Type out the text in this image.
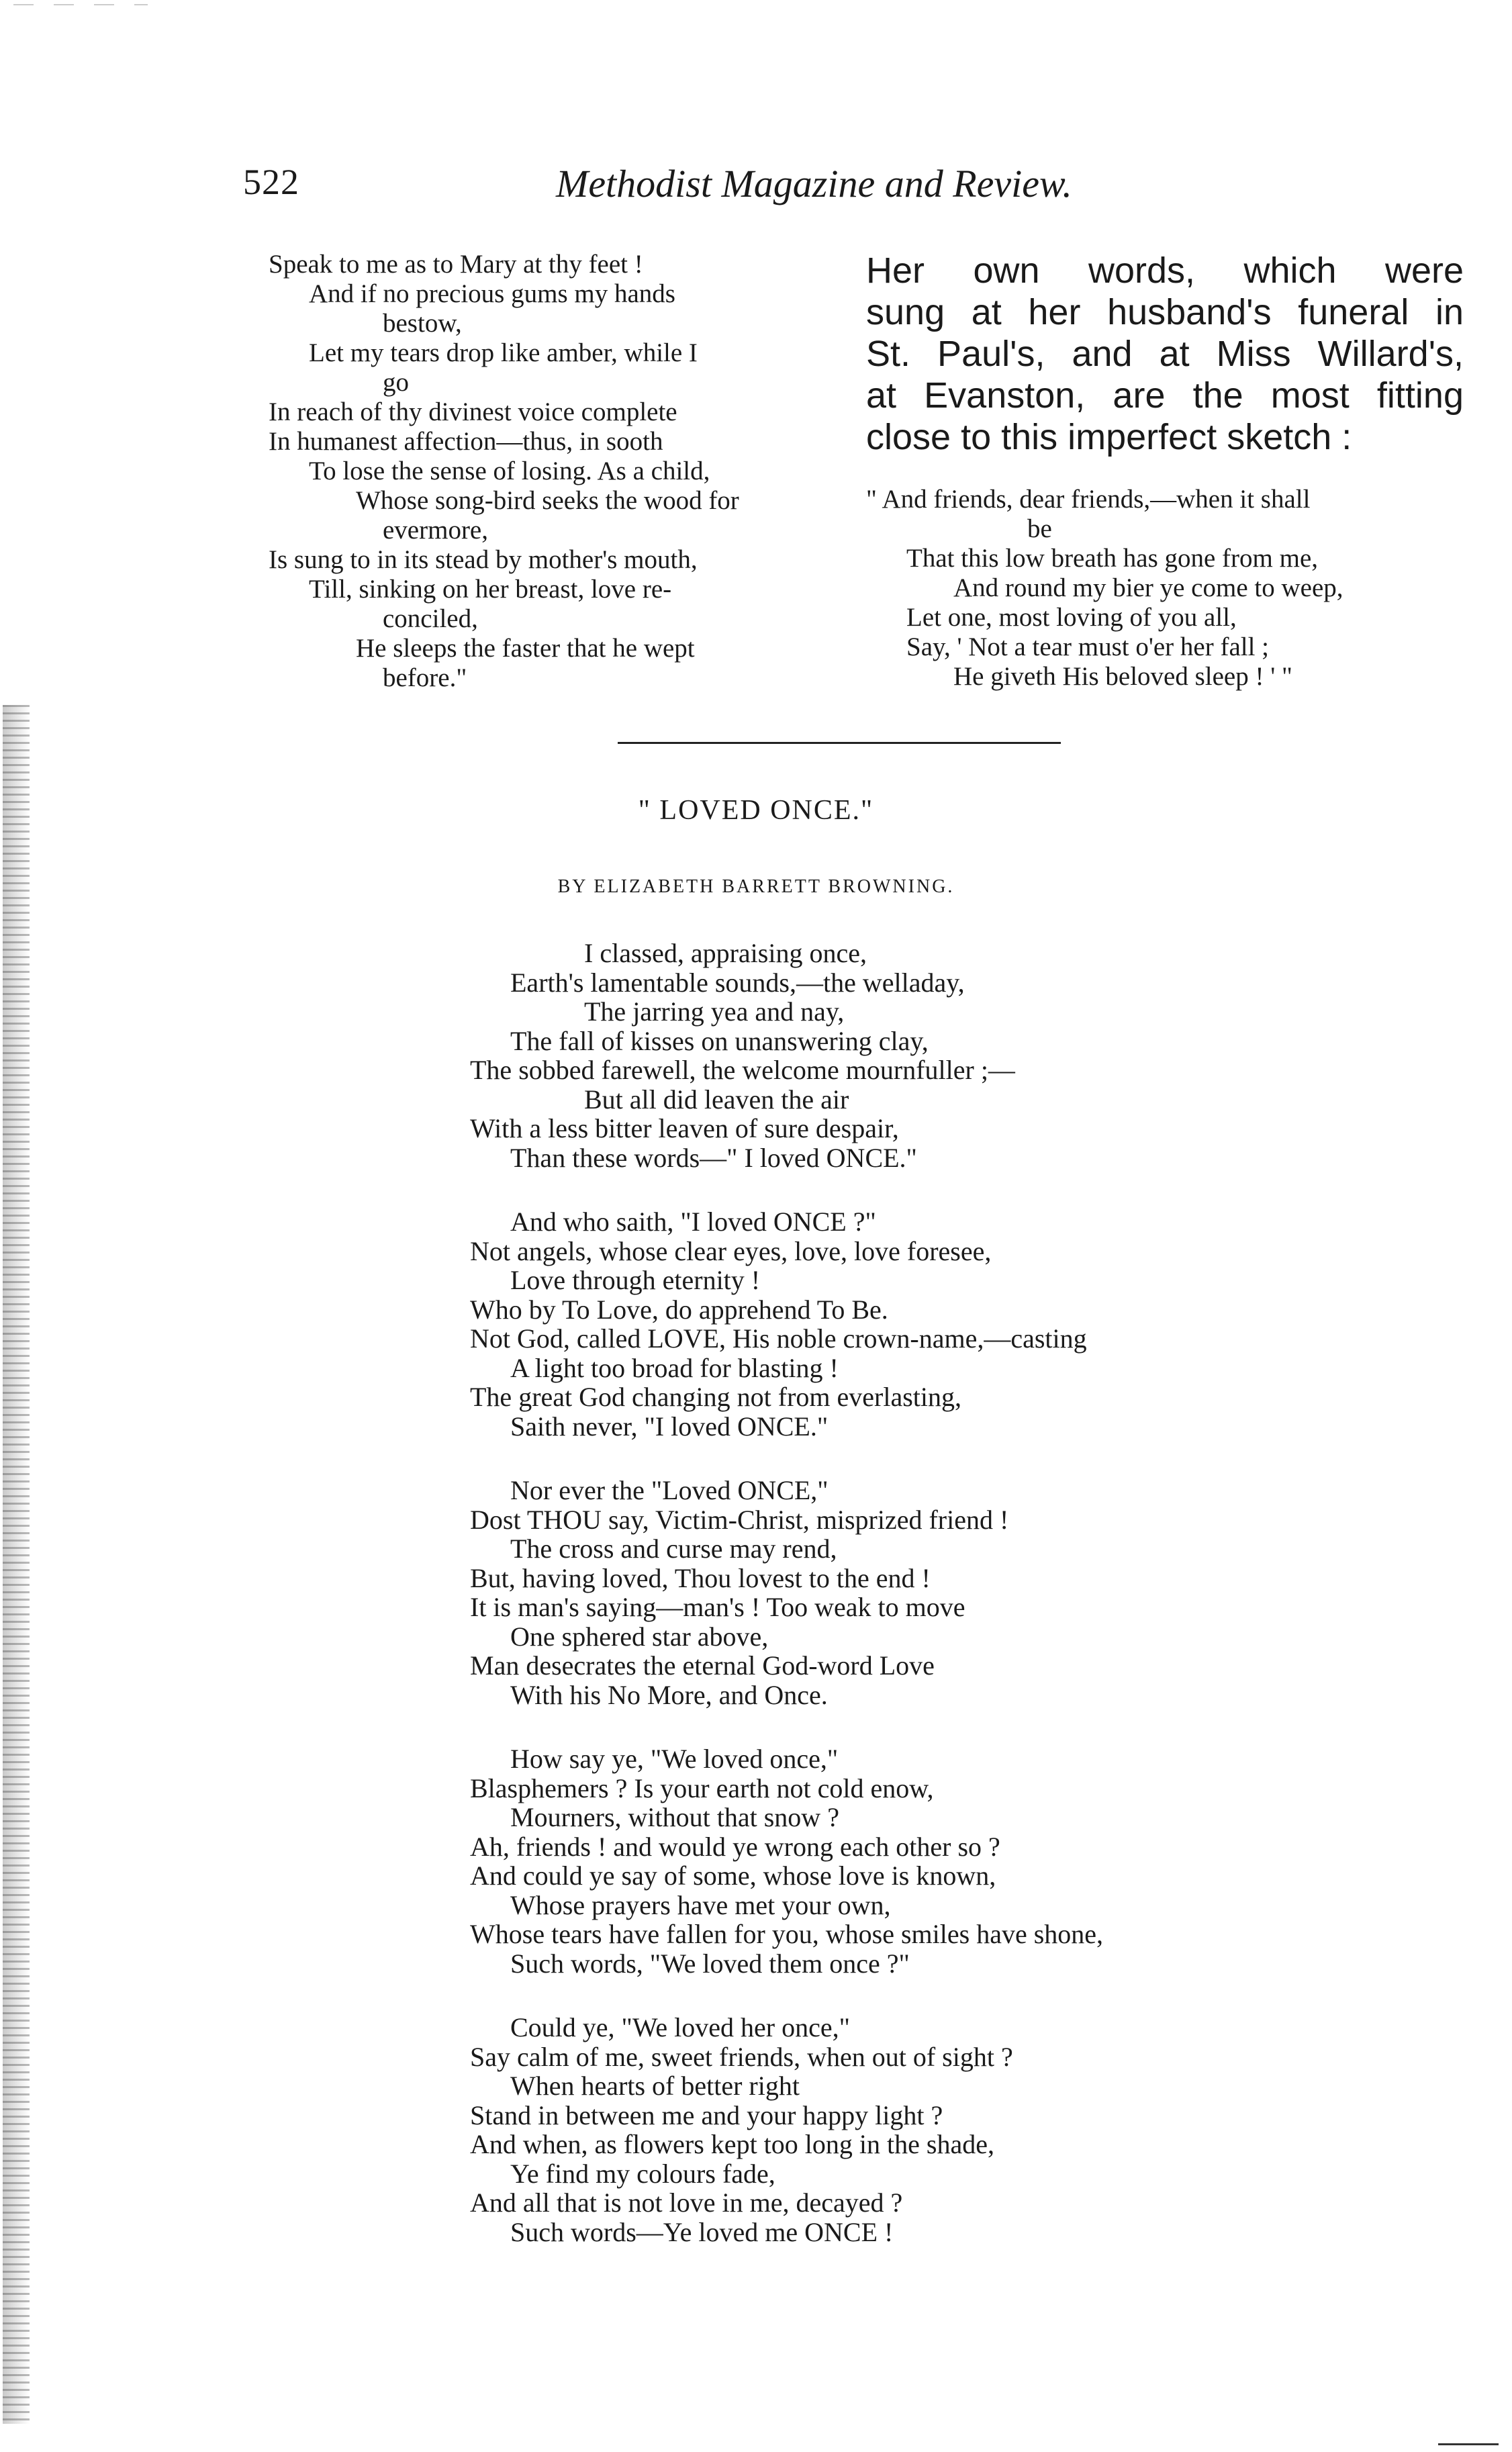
522	Methodist Magazine and Review.
Speak to me as to Mary at thy feet !
And if no precious gums my hands
bestow,
Let my tears drop like amber, while I
go
In reach of thy divinest voice complete
In humanest affection—thus, in sooth
To lose the sense of losing. As a child,
Whose song-bird seeks the wood for
evermore,
Is sung to in its stead by mother's mouth,
Till, sinking on her breast, love re-
conciled,
He sleeps the faster that he wept
before."
Her own words, which were
sung at her husband's funeral in
St. Paul's, and at Miss Willard's,
at Evanston, are the most fitting
close to this imperfect sketch :
" And friends, dear friends,—when it shall
be
That this low breath has gone from me,
And round my bier ye come to weep,
Let one, most loving of you all,
Say, ' Not a tear must o'er her fall ;
He giveth His beloved sleep ! ' "
" LOVED ONCE."
BY ELIZABETH BARRETT BROWNING.
I classed, appraising once,
Earth's lamentable sounds,—the welladay,
The jarring yea and nay,
The fall of kisses on unanswering clay,
The sobbed farewell, the welcome mournfuller ;—
But all did leaven the air
With a less bitter leaven of sure despair,
Than these words—" I loved ONCE."
And who saith, "I loved ONCE ?"
Not angels, whose clear eyes, love, love foresee,
Love through eternity !
Who by To Love, do apprehend To Be.
Not God, called LOVE, His noble crown-name,—casting
A light too broad for blasting !
The great God changing not from everlasting,
Saith never, "I loved ONCE."
Nor ever the "Loved ONCE,"
Dost THOU say, Victim-Christ, misprized friend !
The cross and curse may rend,
But, having loved, Thou lovest to the end !
It is man's saying—man's ! Too weak to move
One sphered star above,
Man desecrates the eternal God-word Love
With his No More, and Once.
How say ye, "We loved once,"
Blasphemers ? Is your earth not cold enow,
Mourners, without that snow ?
Ah, friends ! and would ye wrong each other so ?
And could ye say of some, whose love is known,
Whose prayers have met your own,
Whose tears have fallen for you, whose smiles have shone,
Such words, "We loved them once ?"
Could ye, "We loved her once,"
Say calm of me, sweet friends, when out of sight ?
When hearts of better right
Stand in between me and your happy light ?
And when, as flowers kept too long in the shade,
Ye find my colours fade,
And all that is not love in me, decayed ?
Such words—Ye loved me ONCE !
